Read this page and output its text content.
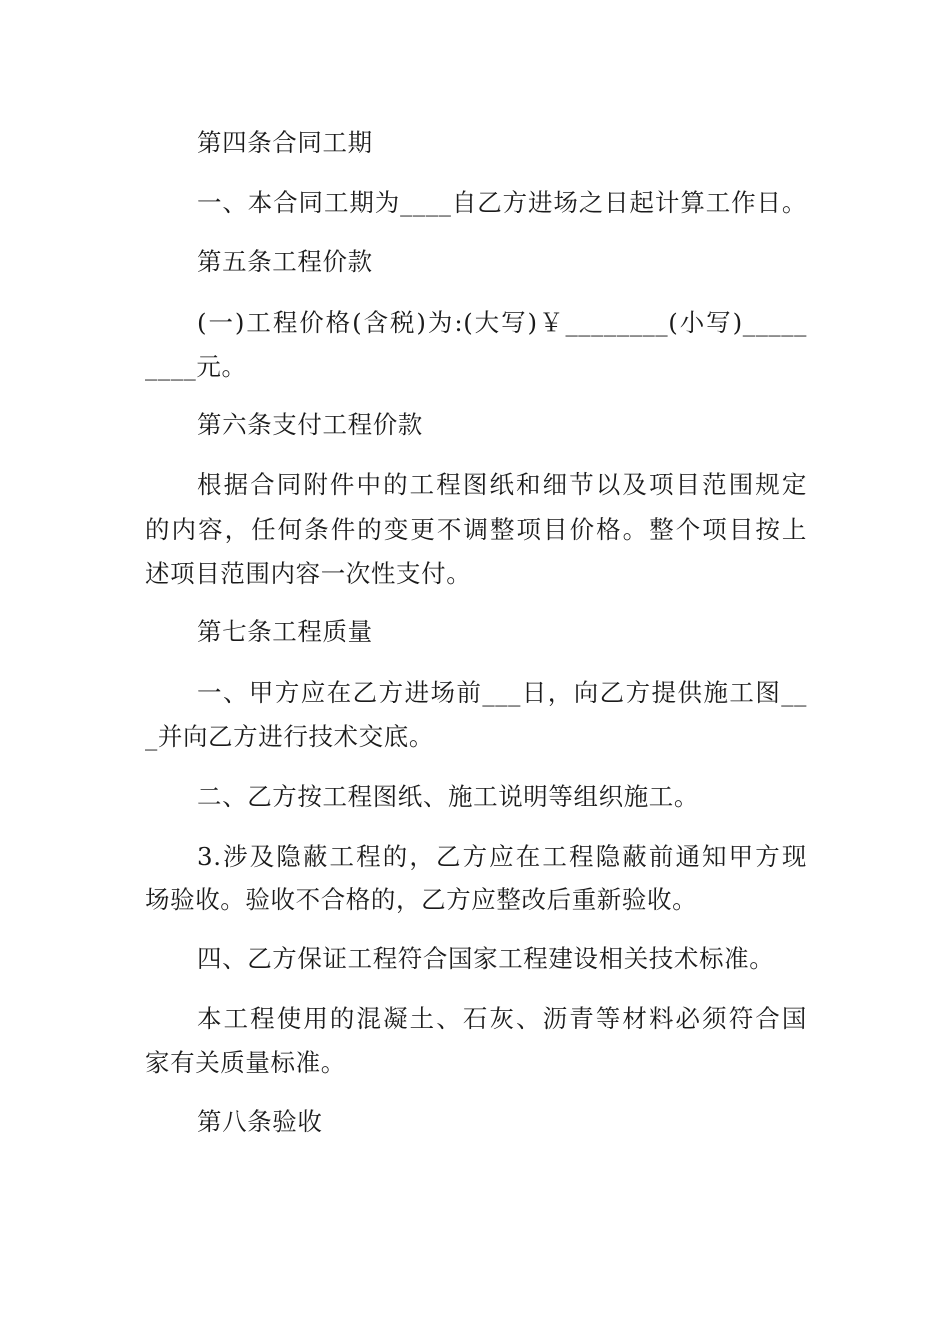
第四条合同工期
一、本合同工期为____自乙方进场之日起计算工作日。
第五条工程价款
(一)工程价格(含税)为:(大写)￥________(小写)_____
____元。
第六条支付工程价款
根据合同附件中的工程图纸和细节以及项目范围规定
的内容，任何条件的变更不调整项目价格。整个项目按上
述项目范围内容一次性支付。
第七条工程质量
一、甲方应在乙方进场前___日，向乙方提供施工图__
_并向乙方进行技术交底。
二、乙方按工程图纸、施工说明等组织施工。
3.涉及隐蔽工程的，乙方应在工程隐蔽前通知甲方现
场验收。验收不合格的，乙方应整改后重新验收。
四、乙方保证工程符合国家工程建设相关技术标准。
本工程使用的混凝土、石灰、沥青等材料必须符合国
家有关质量标准。
第八条验收
